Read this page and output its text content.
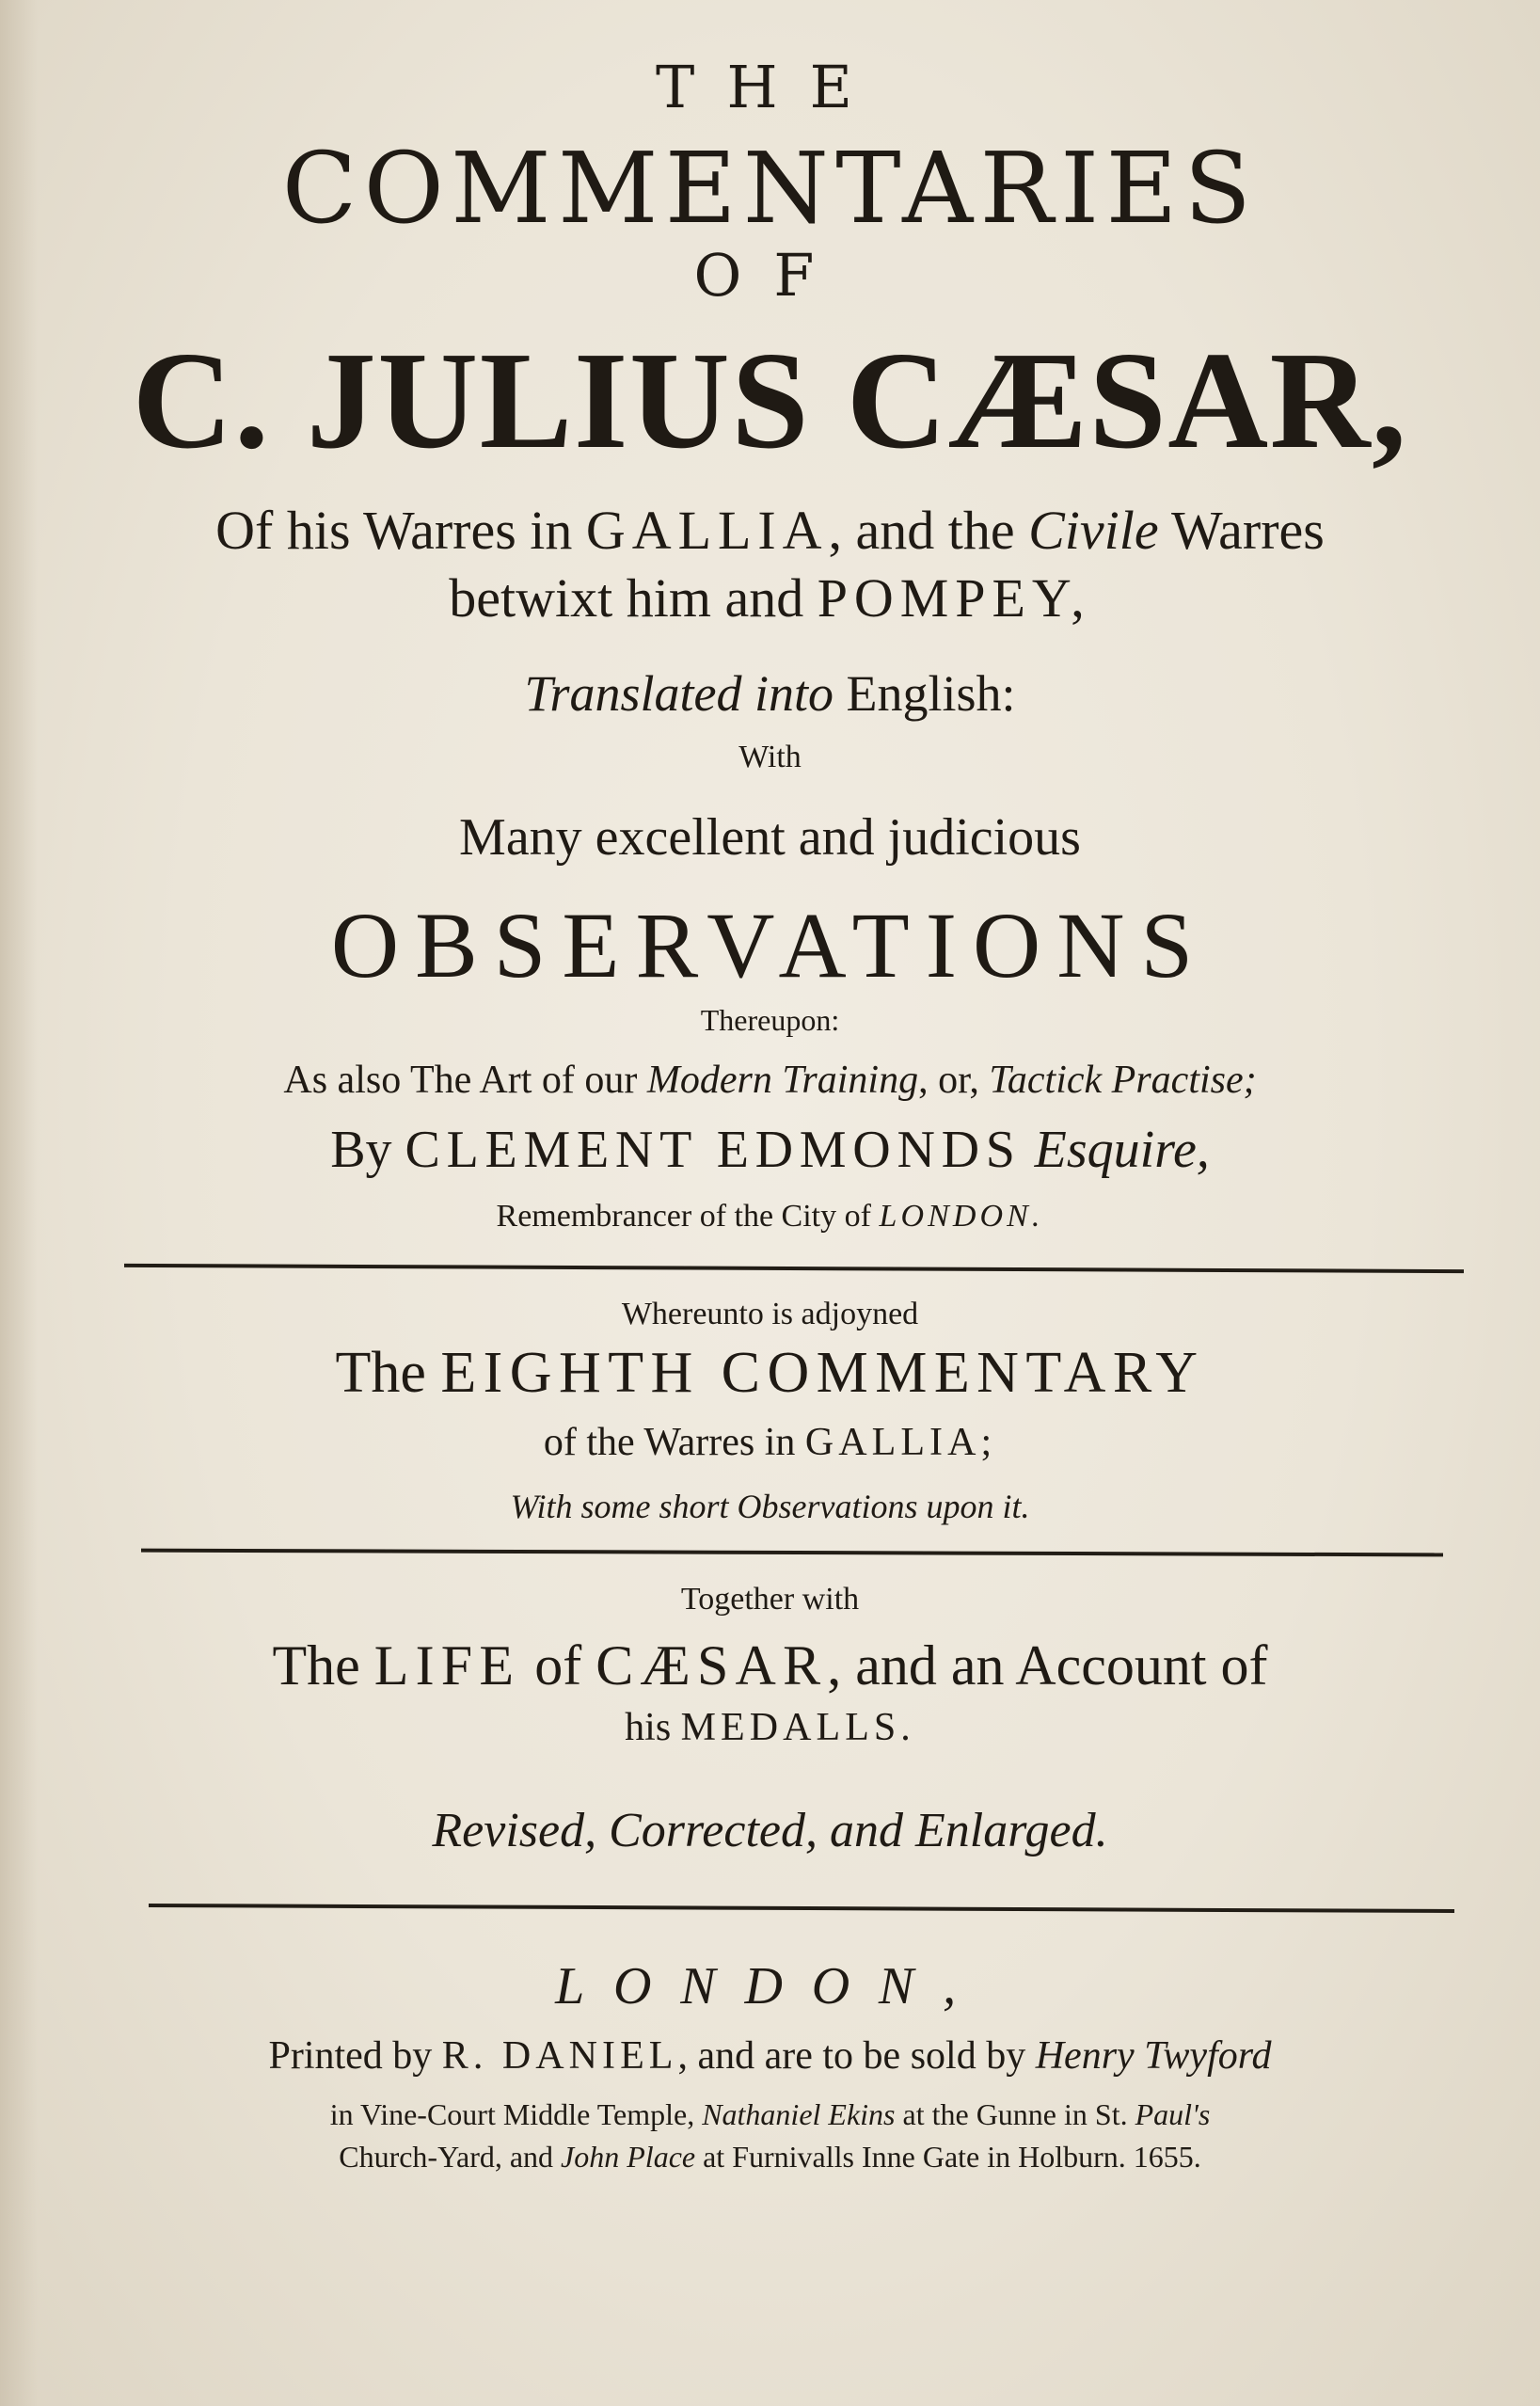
THE
COMMENTARIES
OF
C. JULIUS CÆSAR,
Of his Warres in GALLIA, and the Civile Warres
betwixt him and POMPEY,
Translated into English:
With
Many excellent and judicious
OBSERVATIONS
Thereupon:
As also The Art of our Modern Training, or, Tactick Practise;
By CLEMENT EDMONDS Esquire,
Remembrancer of the City of LONDON.
Whereunto is adjoyned
The EIGHTH COMMENTARY
of the Warres in GALLIA;
With some short Observations upon it.
Together with
The LIFE of CÆSAR, and an Account of
his MEDALLS.
Revised, Corrected, and Enlarged.
LONDON,
Printed by R. DANIEL, and are to be sold by Henry Twyford
in Vine-Court Middle Temple, Nathaniel Ekins at the Gunne in St. Paul's
Church-Yard, and John Place at Furnivalls Inne Gate in Holburn. 1655.
